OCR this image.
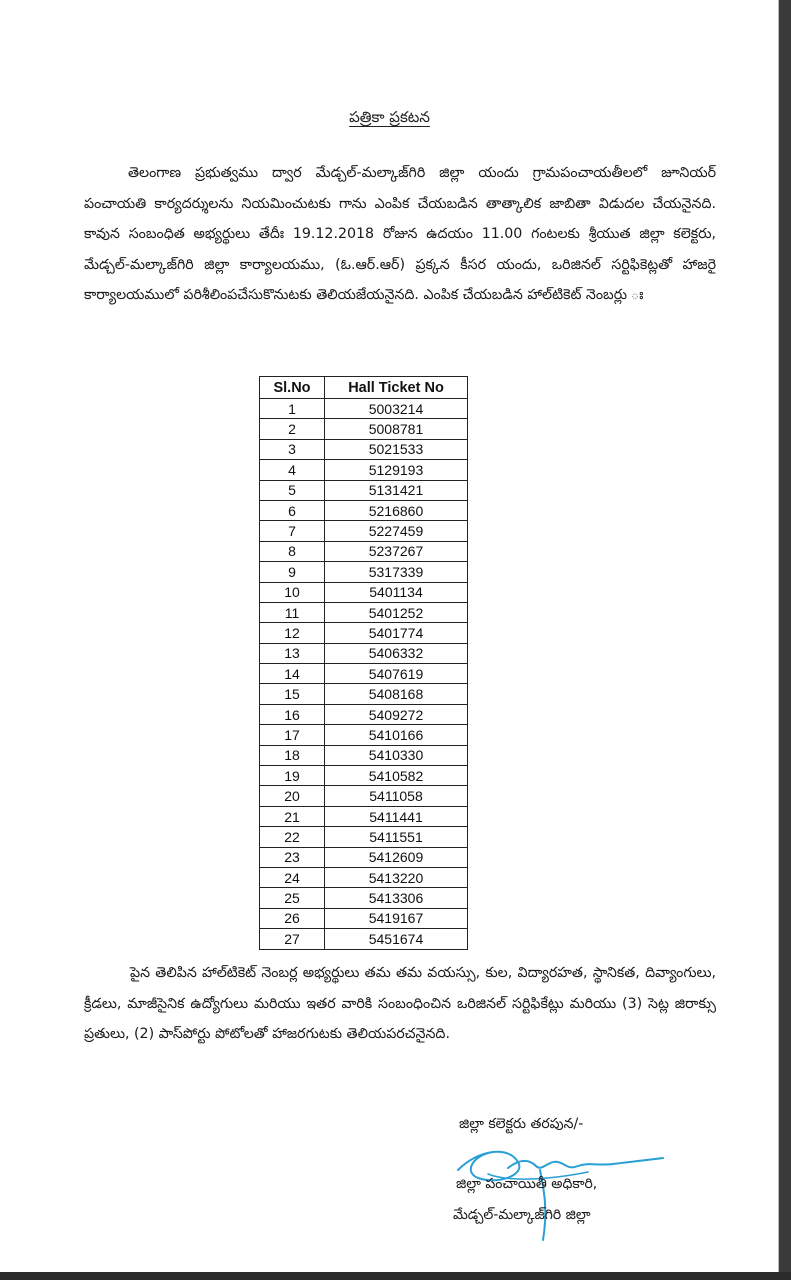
పత్రికా ప్రకటన

తెలంగాణ ప్రభుత్వము ద్వార మేడ్చల్-మల్కాజ్‌గిరి జిల్లా యందు గ్రామపంచాయతీలలో జూనియర్ పంచాయతి కార్యదర్శులను నియమించుటకు గాను ఎంపిక చేయబడిన తాత్కాలిక జాబితా విడుదల చేయనైనది. కావున సంబంధిత అభ్యర్థులు తేదీః 19.12.2018 రోజున ఉదయం 11.00 గంటలకు శ్రీయుత జిల్లా కలెక్టరు, మేడ్చల్-మల్కాజ్‌గిరి జిల్లా కార్యాలయము, (ఓ.ఆర్.ఆర్) ప్రక్కన కీసర యందు, ఒరిజినల్ సర్టిఫికెట్లతో హాజరై కార్యాలయములో పరిశీలింపచేసుకొనుటకు తెలియజేయనైనది. ఎంపిక చేయబడిన హాల్‌టికెట్ నెంబర్లు ః

Sl.No	Hall Ticket No
1	5003214
2	5008781
3	5021533
4	5129193
5	5131421
6	5216860
7	5227459
8	5237267
9	5317339
10	5401134
11	5401252
12	5401774
13	5406332
14	5407619
15	5408168
16	5409272
17	5410166
18	5410330
19	5410582
20	5411058
21	5411441
22	5411551
23	5412609
24	5413220
25	5413306
26	5419167
27	5451674

పైన తెలిపిన హాల్‌టికెట్ నెంబర్ల అభ్యర్థులు తమ తమ వయస్సు, కుల, విద్యారహత, స్థానికత, దివ్యాంగులు, క్రీడలు, మాజీసైనిక ఉద్యోగులు మరియు ఇతర వారికి సంబంధించిన ఒరిజినల్ సర్టిఫికేట్లు మరియు (3) సెట్ల జిరాక్సు ప్రతులు, (2) పాస్‌పోర్టు పోటోలతో హాజరగుటకు తెలియపరచనైనది.

జిల్లా కలెక్టరు తరపున/-
జిల్లా పంచాయితీ అధికారి,
మేడ్చల్-మల్కాజ్‌గిరి జిల్లా
